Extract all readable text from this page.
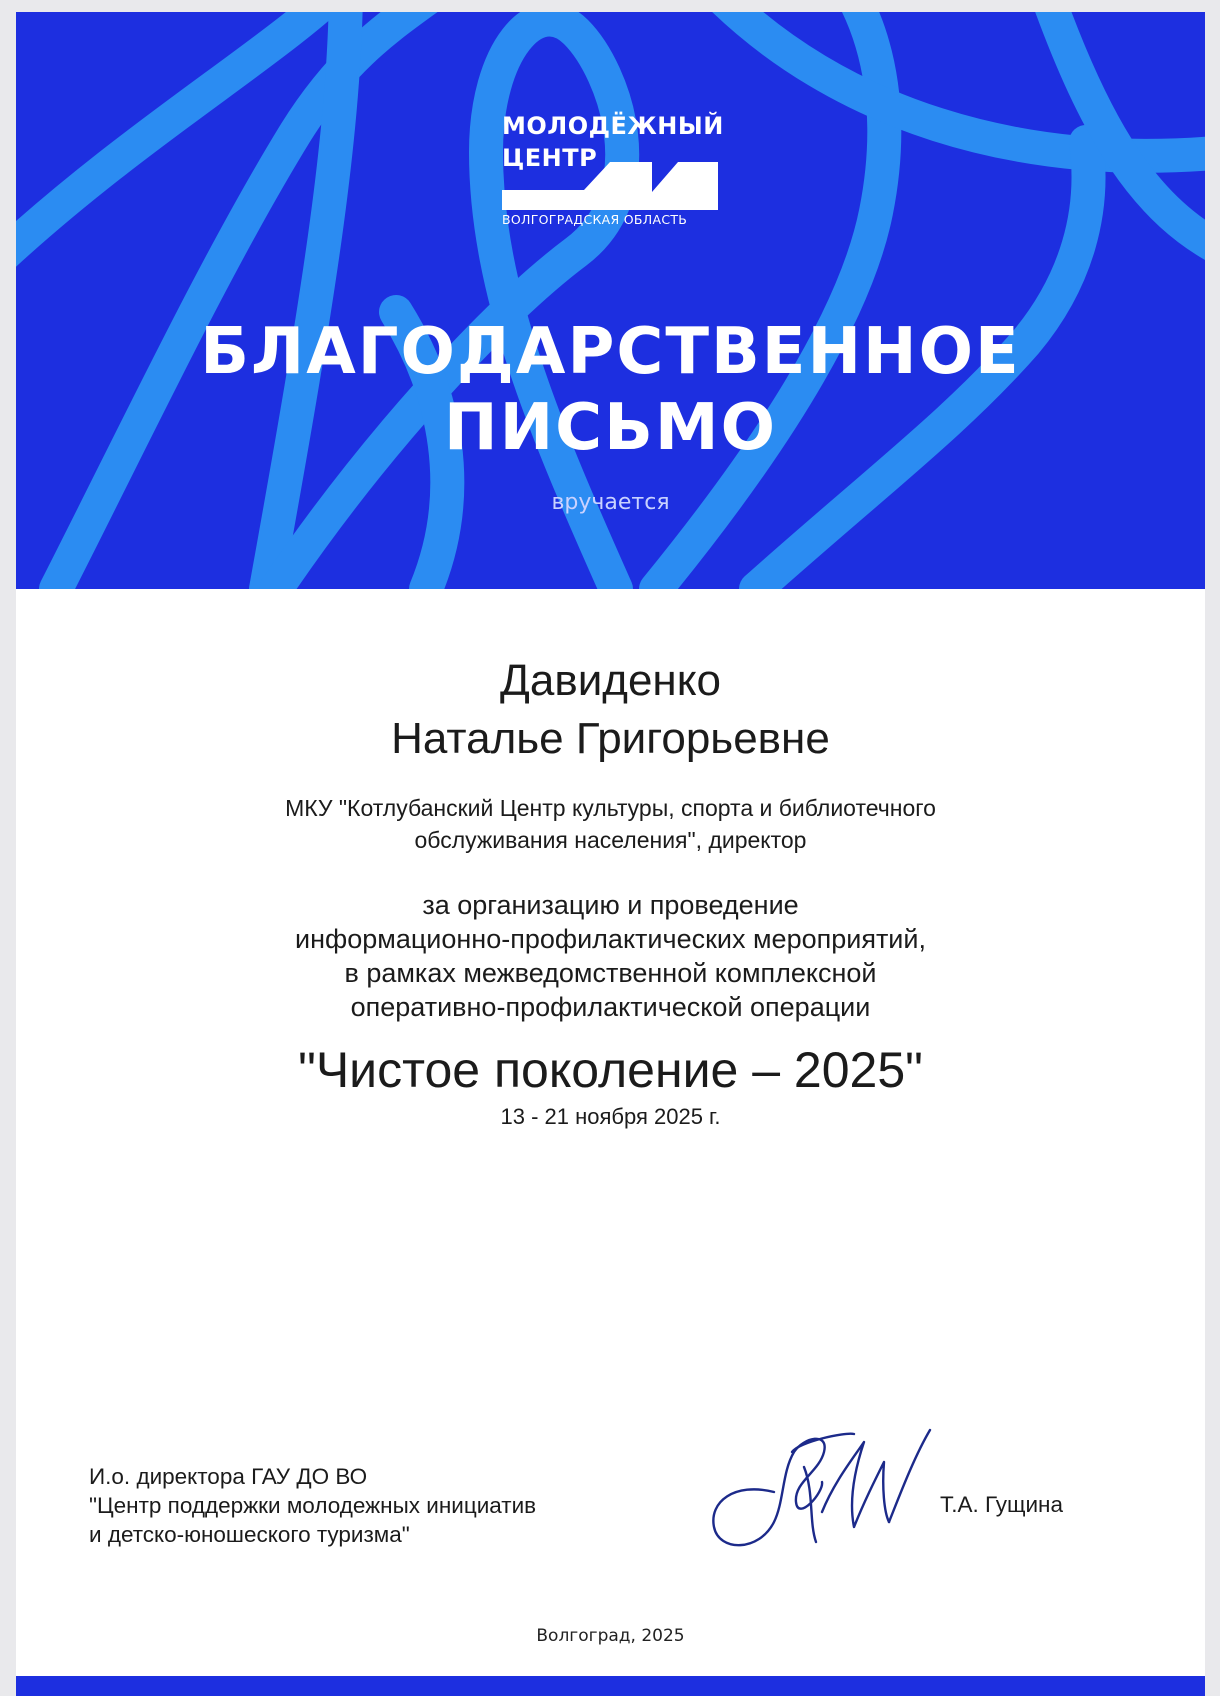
МОЛОДЁЖНЫЙ
ЦЕНТР
ВОЛГОГРАДСКАЯ ОБЛАСТЬ
БЛАГОДАРСТВЕННОЕ
ПИСЬМО
вручается
Давиденко
Наталье Григорьевне
МКУ "Котлубанский Центр культуры, спорта и библиотечного
обслуживания населения", директор
за организацию и проведение
информационно-профилактических мероприятий,
в рамках межведомственной комплексной
оперативно-профилактической операции
"Чистое поколение – 2025"
13 - 21 ноября 2025 г.
И.о. директора ГАУ ДО ВО
"Центр поддержки молодежных инициатив
и детско-юношеского туризма"
Т.А. Гущина
Волгоград, 2025
